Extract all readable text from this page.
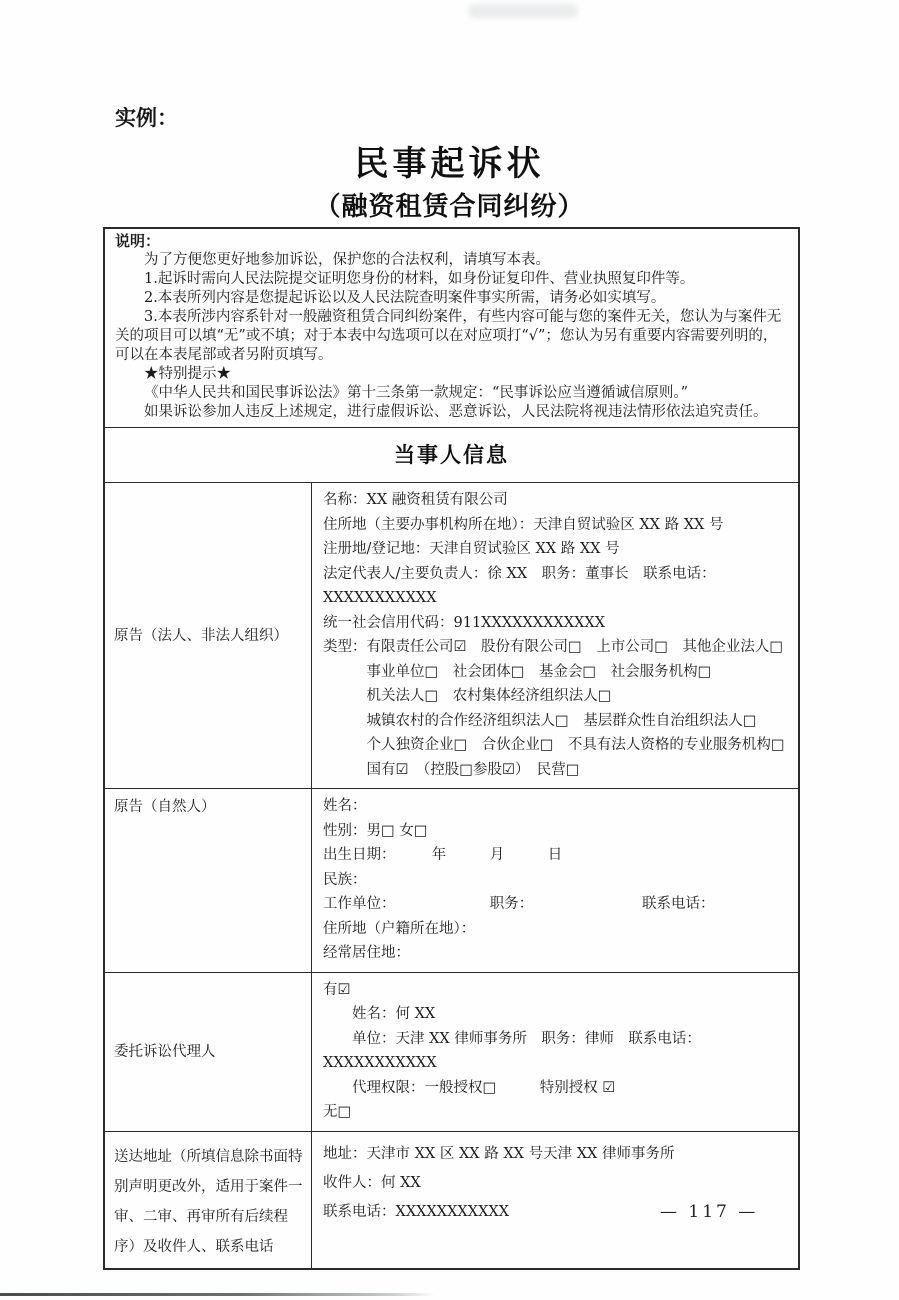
实例：
民事起诉状
（融资租赁合同纠纷）
说明：
为了方便您更好地参加诉讼，保护您的合法权利，请填写本表。
1.起诉时需向人民法院提交证明您身份的材料，如身份证复印件、营业执照复印件等。
2.本表所列内容是您提起诉讼以及人民法院查明案件事实所需，请务必如实填写。
3.本表所涉内容系针对一般融资租赁合同纠纷案件，有些内容可能与您的案件无关，您认为与案件无关的项目可以填“无”或不填；对于本表中勾选项可以在对应项打“√”；您认为另有重要内容需要列明的，可以在本表尾部或者另附页填写。
★特别提示★
《中华人民共和国民事诉讼法》第十三条第一款规定：“民事诉讼应当遵循诚信原则。”
如果诉讼参加人违反上述规定，进行虚假诉讼、恶意诉讼，人民法院将视违法情形依法追究责任。
当事人信息
原告（法人、非法人组织）
名称：XX 融资租赁有限公司
住所地（主要办事机构所在地）：天津自贸试验区 XX 路 XX 号
注册地/登记地：天津自贸试验区 XX 路 XX 号
法定代表人/主要负责人：徐 XX　职务：董事长　联系电话：XXXXXXXXXXX
统一社会信用代码：911XXXXXXXXXXXX
类型：有限责任公司☑　股份有限公司□　上市公司□　其他企业法人□
　　　事业单位□　社会团体□　基金会□　社会服务机构□
　　　机关法人□　农村集体经济组织法人□
　　　城镇农村的合作经济组织法人□　基层群众性自治组织法人□
　　　个人独资企业□　合伙企业□　不具有法人资格的专业服务机构□
　　　国有☑　（控股□参股☑）　民营□
原告（自然人）	姓名：
性别：男□ 女□
出生日期：　　　年　　　月　　　日
民族：
工作单位：　　　　　　　职务：　　　　　　　　联系电话：
住所地（户籍所在地）：
经常居住地：
委托诉讼代理人
有☑
　　姓名：何 XX
　　单位：天津 XX 律师事务所　职务：律师　联系电话：XXXXXXXXXXX
　　代理权限：一般授权□　　　特别授权 ☑
无□
送达地址（所填信息除书面特别声明更改外，适用于案件一审、二审、再审所有后续程序）及收件人、联系电话
地址：天津市 XX 区 XX 路 XX 号天津 XX 律师事务所
收件人：何 XX
联系电话：XXXXXXXXXXX	— 117 —
